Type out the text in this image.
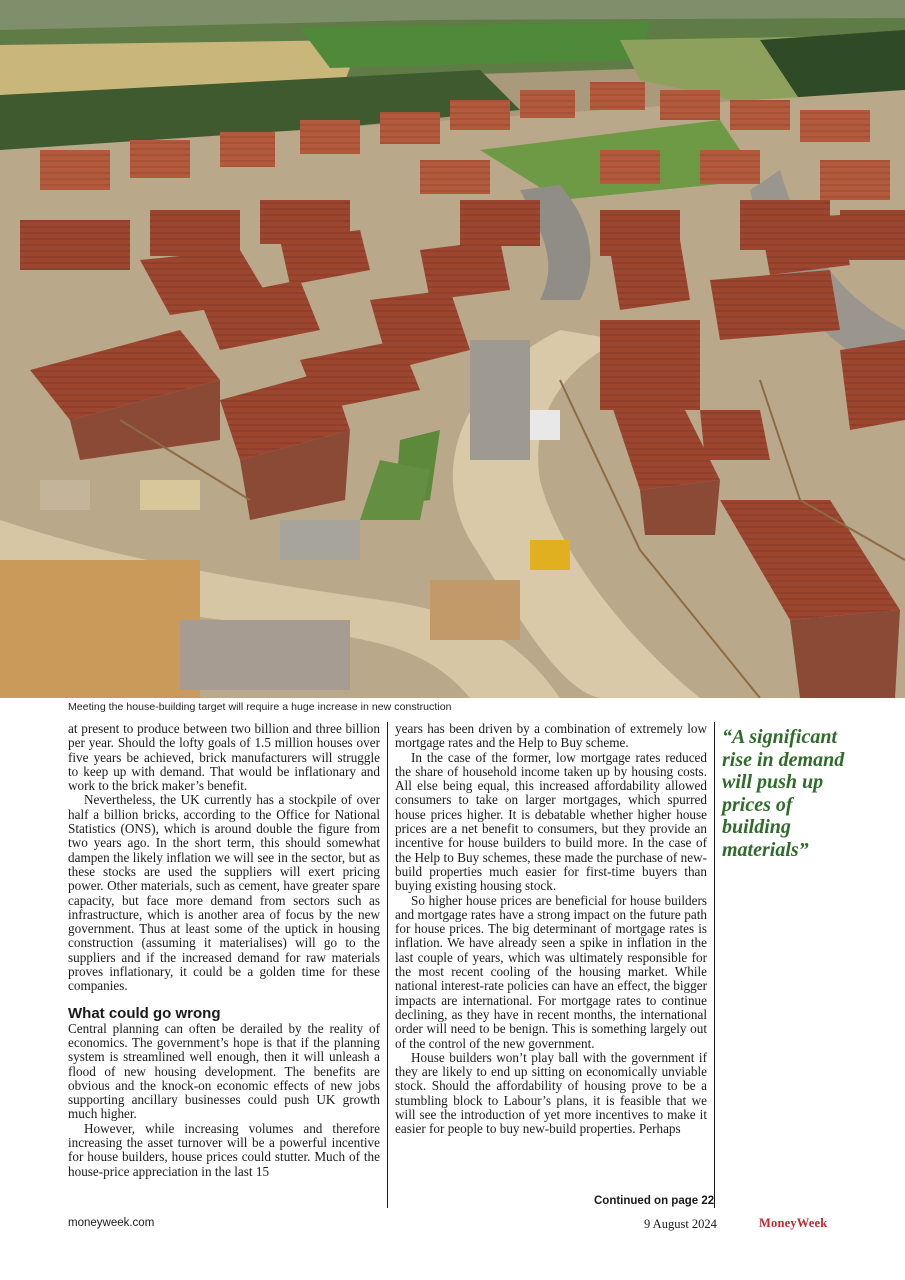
Meeting the house-building target will require a huge increase in new construction

at present to produce between two billion and three billion per year. Should the lofty goals of 1.5 million houses over five years be achieved, brick manufacturers will struggle to keep up with demand. That would be inflationary and work to the brick maker’s benefit.

Nevertheless, the UK currently has a stockpile of over half a billion bricks, according to the Office for National Statistics (ONS), which is around double the figure from two years ago. In the short term, this should somewhat dampen the likely inflation we will see in the sector, but as these stocks are used the suppliers will exert pricing power. Other materials, such as cement, have greater spare capacity, but face more demand from sectors such as infrastructure, which is another area of focus by the new government. Thus at least some of the uptick in housing construction (assuming it materialises) will go to the suppliers and if the increased demand for raw materials proves inflationary, it could be a golden time for these companies.

What could go wrong

Central planning can often be derailed by the reality of economics. The government’s hope is that if the planning system is streamlined well enough, then it will unleash a flood of new housing development. The benefits are obvious and the knock-on economic effects of new jobs supporting ancillary businesses could push UK growth much higher.

However, while increasing volumes and therefore increasing the asset turnover will be a powerful incentive for house builders, house prices could stutter. Much of the house-price appreciation in the last 15

years has been driven by a combination of extremely low mortgage rates and the Help to Buy scheme.

In the case of the former, low mortgage rates reduced the share of household income taken up by housing costs. All else being equal, this increased affordability allowed consumers to take on larger mortgages, which spurred house prices higher. It is debatable whether higher house prices are a net benefit to consumers, but they provide an incentive for house builders to build more. In the case of the Help to Buy schemes, these made the purchase of new-build properties much easier for first-time buyers than buying existing housing stock.

So higher house prices are beneficial for house builders and mortgage rates have a strong impact on the future path for house prices. The big determinant of mortgage rates is inflation. We have already seen a spike in inflation in the last couple of years, which was ultimately responsible for the most recent cooling of the housing market. While national interest-rate policies can have an effect, the bigger impacts are international. For mortgage rates to continue declining, as they have in recent months, the international order will need to be benign. This is something largely out of the control of the new government.

House builders won’t play ball with the government if they are likely to end up sitting on economically unviable stock. Should the affordability of housing prove to be a stumbling block to Labour’s plans, it is feasible that we will see the introduction of yet more incentives to make it easier for people to buy new-build properties. Perhaps

“A significant rise in demand will push up prices of building materials”
Continued on page 22
moneyweek.com	9 August 2024	MoneyWeek
